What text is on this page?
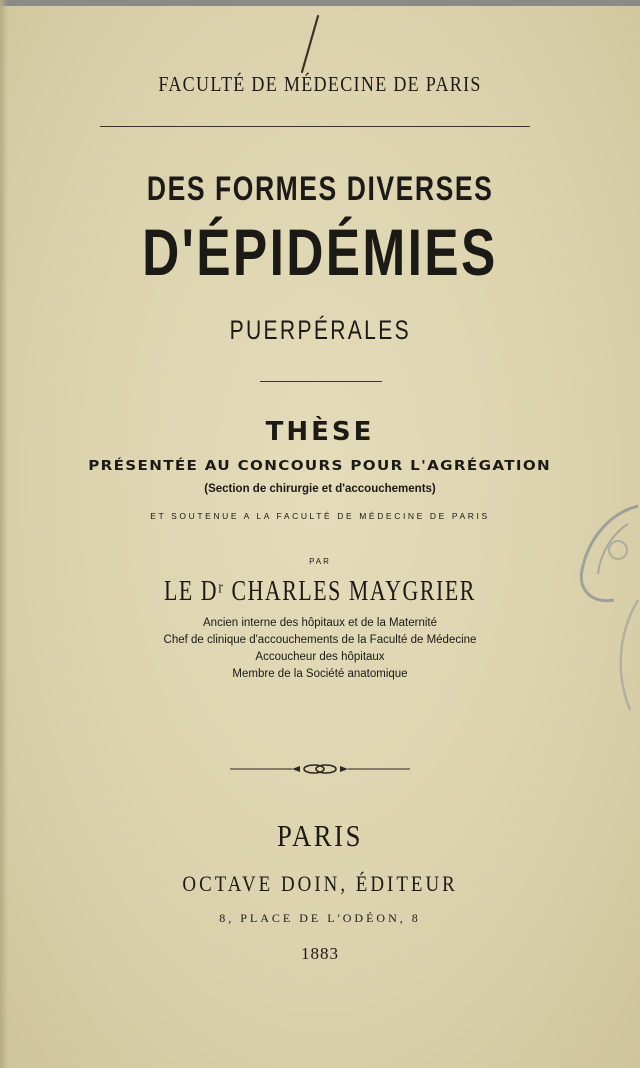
FACULTÉ DE MÉDECINE DE PARIS
DES FORMES DIVERSES
D'ÉPIDÉMIES
PUERPÉRALES
THÈSE
PRÉSENTÉE AU CONCOURS POUR L'AGRÉGATION
(Section de chirurgie et d'accouchements)
ET SOUTENUE A LA FACULTÉ DE MÉDECINE DE PARIS
PAR
LE Dʳ CHARLES MAYGRIER
Ancien interne des hôpitaux et de la Maternité
Chef de clinique d'accouchements de la Faculté de Médecine
Accoucheur des hôpitaux
Membre de la Société anatomique
PARIS
OCTAVE DOIN, ÉDITEUR
8, PLACE DE L'ODÉON, 8
1883
